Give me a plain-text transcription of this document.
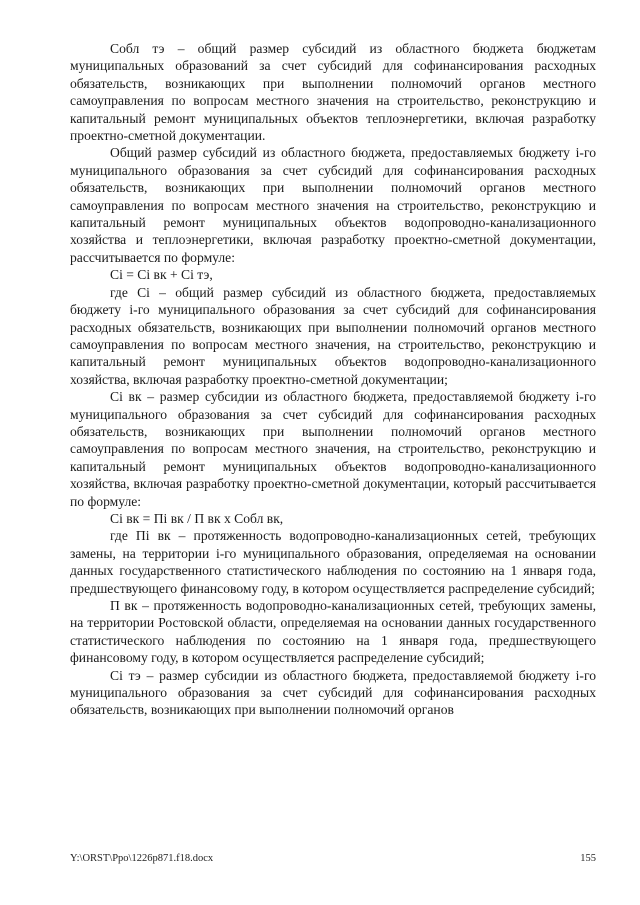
Собл тэ – общий размер субсидий из областного бюджета бюджетам муниципальных образований за счет субсидий для софинансирования расходных обязательств, возникающих при выполнении полномочий органов местного самоуправления по вопросам местного значения на строительство, реконструкцию и капитальный ремонт муниципальных объектов теплоэнергетики, включая разработку проектно-сметной документации.

Общий размер субсидий из областного бюджета, предоставляемых бюджету i-го муниципального образования за счет субсидий для софинансирования расходных обязательств, возникающих при выполнении полномочий органов местного самоуправления по вопросам местного значения на строительство, реконструкцию и капитальный ремонт муниципальных объектов водопроводно-канализационного хозяйства и теплоэнергетики, включая разработку проектно-сметной документации, рассчитывается по формуле:

Ci = Ci вк + Ci тэ,

где Ci – общий размер субсидий из областного бюджета, предоставляемых бюджету i-го муниципального образования за счет субсидий для софинансирования расходных обязательств, возникающих при выполнении полномочий органов местного самоуправления по вопросам местного значения, на строительство, реконструкцию и капитальный ремонт муниципальных объектов водопроводно-канализационного хозяйства, включая разработку проектно-сметной документации;

Ci вк – размер субсидии из областного бюджета, предоставляемой бюджету i-го муниципального образования за счет субсидий для софинансирования расходных обязательств, возникающих при выполнении полномочий органов местного самоуправления по вопросам местного значения, на строительство, реконструкцию и капитальный ремонт муниципальных объектов водопроводно-канализационного хозяйства, включая разработку проектно-сметной документации, который рассчитывается по формуле:

Ci вк = Пi вк / П вк х Собл вк,

где Пi вк – протяженность водопроводно-канализационных сетей, требующих замены, на территории i-го муниципального образования, определяемая на основании данных государственного статистического наблюдения по состоянию на 1 января года, предшествующего финансовому году, в котором осуществляется распределение субсидий;

П вк – протяженность водопроводно-канализационных сетей, требующих замены, на территории Ростовской области, определяемая на основании данных государственного статистического наблюдения по состоянию на 1 января года, предшествующего финансовому году, в котором осуществляется распределение субсидий;

Ci тэ – размер субсидии из областного бюджета, предоставляемой бюджету i-го муниципального образования за счет субсидий для софинансирования расходных обязательств, возникающих при выполнении полномочий органов

Y:\ORST\Ppo\1226p871.f18.docx	155
